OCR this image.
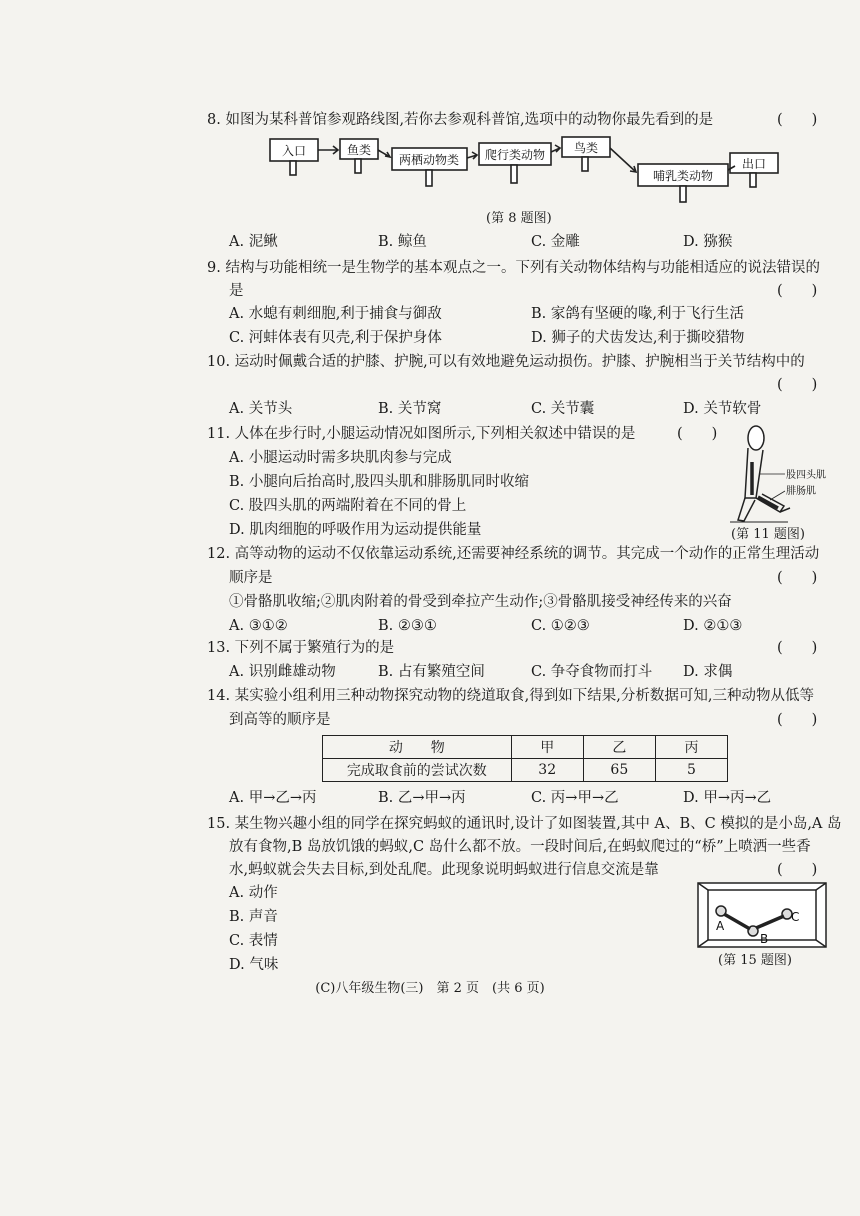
8. 如图为某科普馆参观路线图,若你去参观科普馆,选项中的动物你最先看到的是	(　　)
入口	鱼类
两栖动物类 爬行类动物 鸟类
哺乳类动物
出口
(第 8 题图)
A. 泥鳅	B. 鲸鱼	C. 金雕	D. 猕猴
9. 结构与功能相统一是生物学的基本观点之一。下列有关动物体结构与功能相适应的说法错误的
是	(　　)
A. 水螅有刺细胞,利于捕食与御敌	B. 家鸽有坚硬的喙,利于飞行生活
C. 河蚌体表有贝壳,利于保护身体	D. 狮子的犬齿发达,利于撕咬猎物
10. 运动时佩戴合适的护膝、护腕,可以有效地避免运动损伤。护膝、护腕相当于关节结构中的
(　　)
A. 关节头	B. 关节窝	C. 关节囊	D. 关节软骨
11. 人体在步行时,小腿运动情况如图所示,下列相关叙述中错误的是	(　　)
A. 小腿运动时需多块肌肉参与完成
B. 小腿向后抬高时,股四头肌和腓肠肌同时收缩
C. 股四头肌的两端附着在不同的骨上
D. 肌肉细胞的呼吸作用为运动提供能量
股四头肌
腓肠肌
(第 11 题图)
12. 高等动物的运动不仅依靠运动系统,还需要神经系统的调节。其完成一个动作的正常生理活动
顺序是	(　　)
①骨骼肌收缩;②肌肉附着的骨受到牵拉产生动作;③骨骼肌接受神经传来的兴奋
A. ③①②	B. ②③①	C. ①②③	D. ②①③
13. 下列不属于繁殖行为的是	(　　)
A. 识别雌雄动物	B. 占有繁殖空间	C. 争夺食物而打斗 D. 求偶
14. 某实验小组利用三种动物探究动物的绕道取食,得到如下结果,分析数据可知,三种动物从低等
到高等的顺序是	(　　)
动　　物	甲	乙	丙
完成取食前的尝试次数	32	65	5
A. 甲→乙→丙	B. 乙→甲→丙	C. 丙→甲→乙	D. 甲→丙→乙
15. 某生物兴趣小组的同学在探究蚂蚁的通讯时,设计了如图装置,其中 A、B、C 模拟的是小岛,A 岛
放有食物,B 岛放饥饿的蚂蚁,C 岛什么都不放。一段时间后,在蚂蚁爬过的“桥”上喷洒一些香
水,蚂蚁就会失去目标,到处乱爬。此现象说明蚂蚁进行信息交流是靠	(　　)
A. 动作
B. 声音
C. 表情
D. 气味
A
B
C
(第 15 题图)
(C)八年级生物(三)　第 2 页　(共 6 页)
